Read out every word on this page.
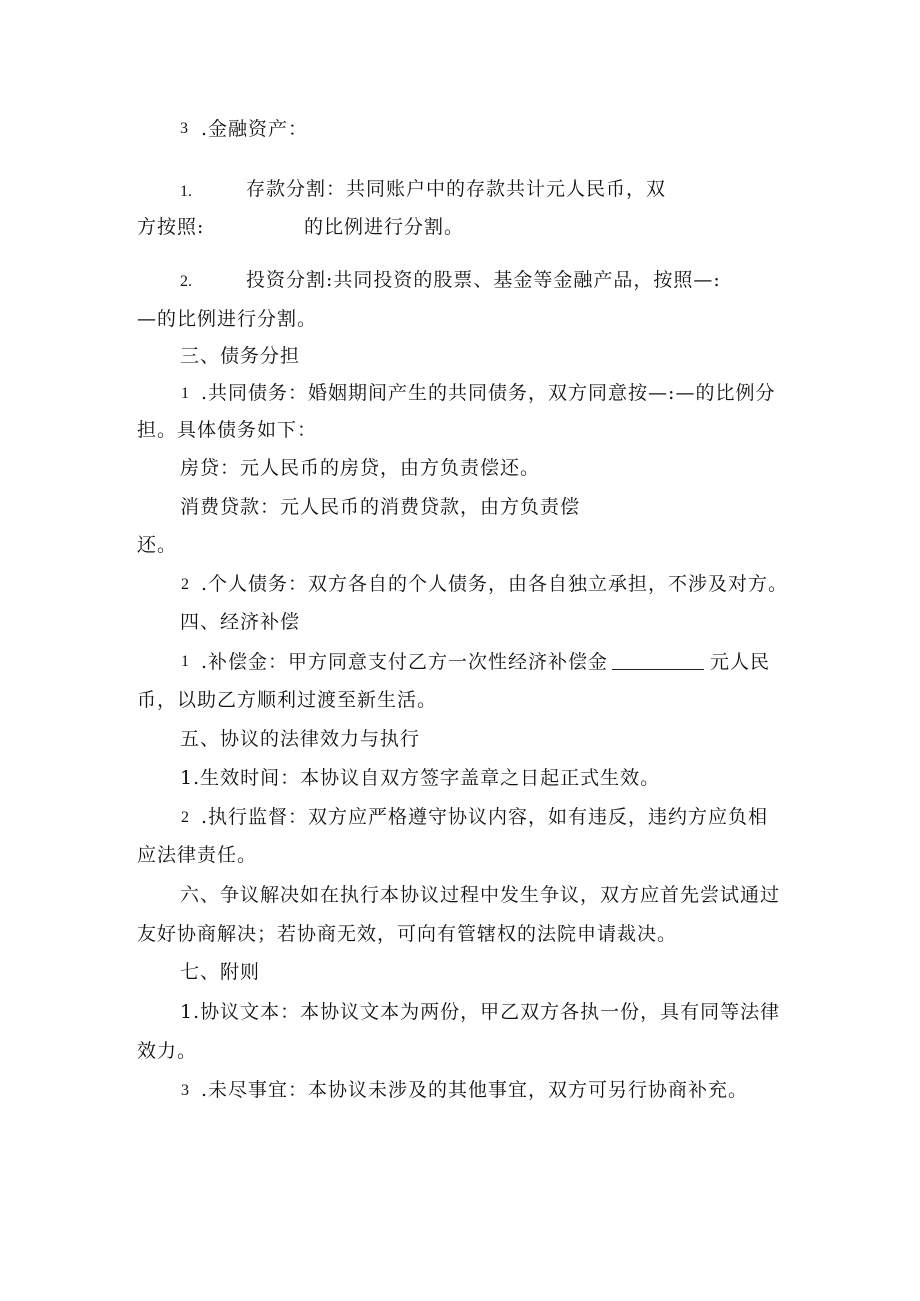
3 .金融资产：
1.	存款分割：共同账户中的存款共计元人民币，双
方按照:	的比例进行分割。
2.	投资分割:共同投资的股票、基金等金融产品，按照—:
—的比例进行分割。
三、债务分担
1 .共同债务：婚姻期间产生的共同债务，双方同意按—:—的比例分
担。具体债务如下：
房贷：元人民币的房贷，由方负责偿还。
消费贷款：元人民币的消费贷款，由方负责偿
还。
2 .个人债务：双方各自的个人债务，由各自独立承担，不涉及对方。
四、经济补偿
1 .补偿金：甲方同意支付乙方一次性经济补偿金	元人民
币，以助乙方顺利过渡至新生活。
五、协议的法律效力与执行
1.生效时间：本协议自双方签字盖章之日起正式生效。
2 .执行监督：双方应严格遵守协议内容，如有违反，违约方应负相
应法律责任。
六、争议解决如在执行本协议过程中发生争议，双方应首先尝试通过
友好协商解决；若协商无效，可向有管辖权的法院申请裁决。
七、附则
1.协议文本：本协议文本为两份，甲乙双方各执一份，具有同等法律
效力。
3 .未尽事宜：本协议未涉及的其他事宜，双方可另行协商补充。
